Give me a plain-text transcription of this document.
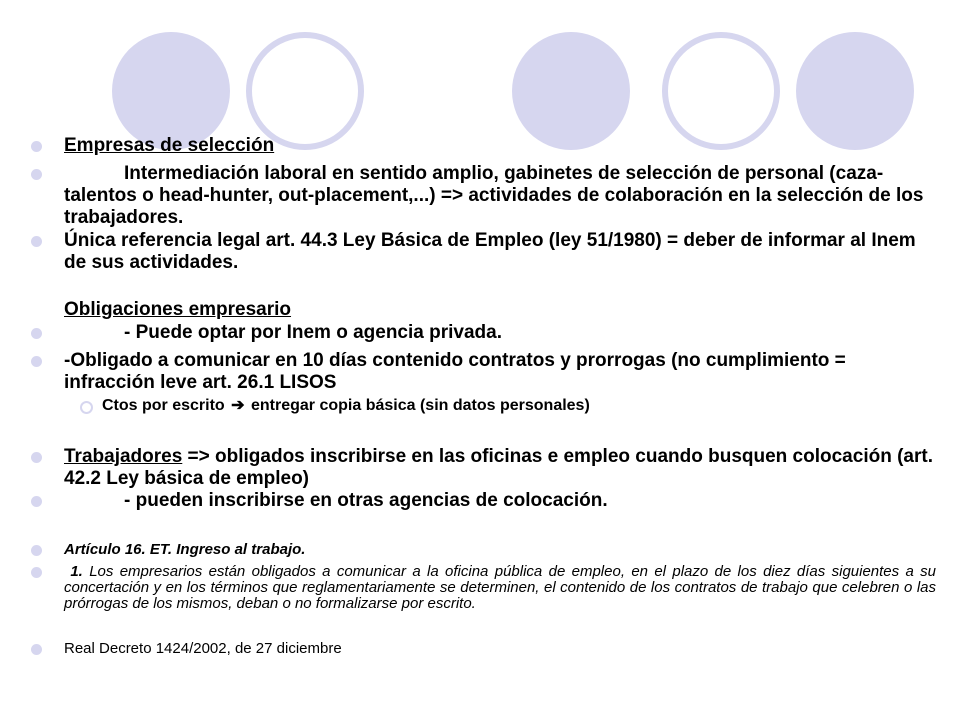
Empresas de selección
Intermediación laboral en sentido amplio, gabinetes de selección de personal (caza-talentos o head-hunter, out-placement,...) => actividades de colaboración en la selección de los trabajadores.
Única referencia legal art. 44.3 Ley Básica de Empleo (ley 51/1980) = deber de informar al Inem de sus actividades.
Obligaciones empresario
- Puede optar por Inem o agencia privada.
-Obligado a comunicar en 10 días contenido contratos y prorrogas (no cumplimiento = infracción leve art. 26.1 LISOS
Ctos por escrito ➔ entregar copia básica (sin datos personales)
Trabajadores => obligados inscribirse en las oficinas e empleo cuando busquen colocación (art. 42.2 Ley básica de empleo)
- pueden inscribirse en otras agencias de colocación.
Artículo 16. ET. Ingreso al trabajo.
1. Los empresarios están obligados a comunicar a la oficina pública de empleo, en el plazo de los diez días siguientes a su concertación y en los términos que reglamentariamente se determinen, el contenido de los contratos de trabajo que celebren o las prórrogas de los mismos, deban o no formalizarse por escrito.
Real Decreto 1424/2002, de 27 diciembre
